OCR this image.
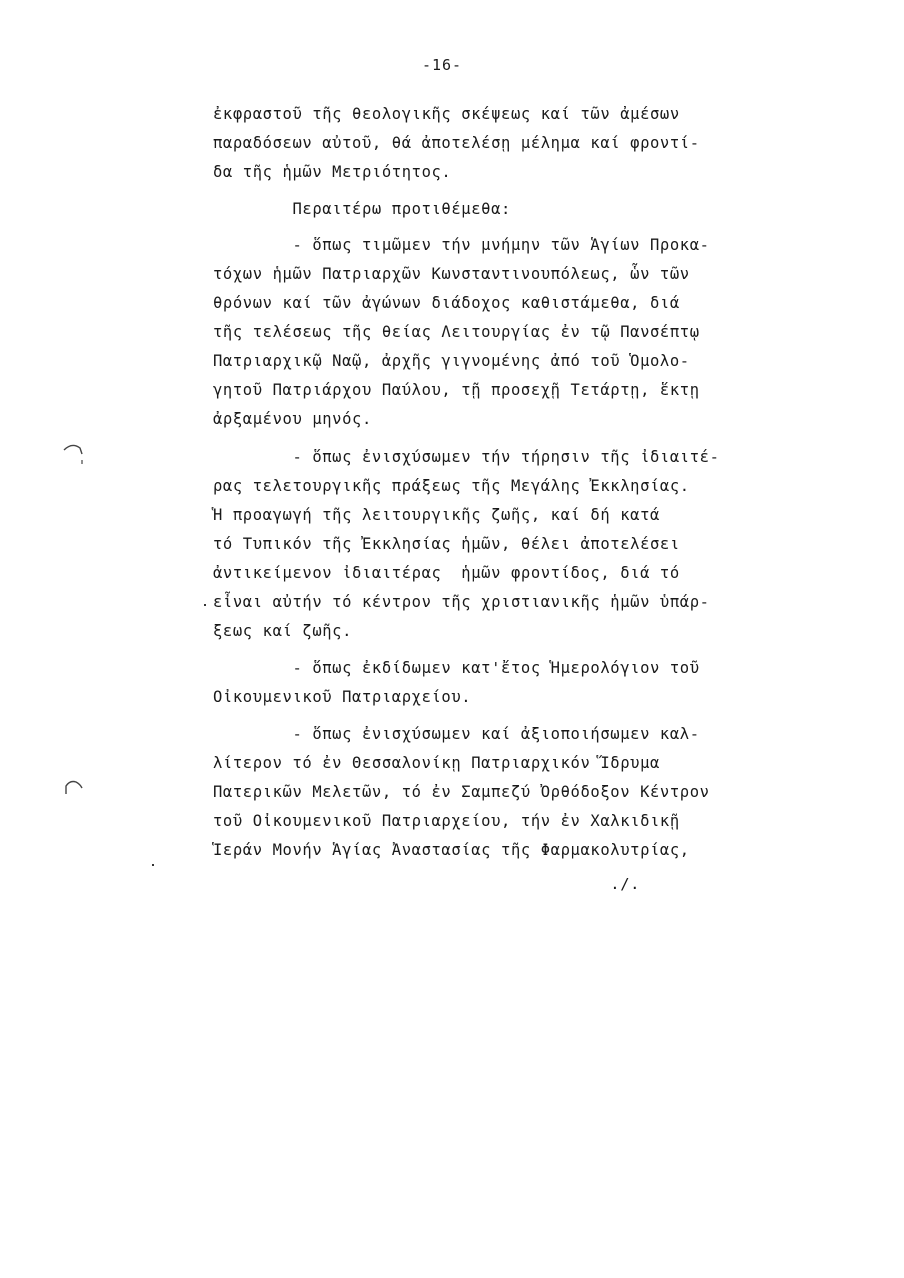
-16-
ἐκφραστοῦ τῆς θεολογικῆς σκέψεως καί τῶν ἀμέσων
παραδόσεων αὐτοῦ, θά ἀποτελέσῃ μέλημα καί φροντί-
δα τῆς ἡμῶν Μετριότητος.
Περαιτέρω προτιθέμεθα:
- ὅπως τιμῶμεν τήν μνήμην τῶν Ἁγίων Προκα-
τόχων ἡμῶν Πατριαρχῶν Κωνσταντινουπόλεως, ὧν τῶν
θρόνων καί τῶν ἀγώνων διάδοχος καθιστάμεθα, διά
τῆς τελέσεως τῆς θείας Λειτουργίας ἐν τῷ Πανσέπτῳ
Πατριαρχικῷ Ναῷ, ἀρχῆς γιγνομένης ἀπό τοῦ Ὁμολο-
γητοῦ Πατριάρχου Παύλου, τῇ προσεχῇ Τετάρτῃ, ἕκτῃ
ἀρξαμένου μηνός.
- ὅπως ἐνισχύσωμεν τήν τήρησιν τῆς ἰδιαιτέ-
ρας τελετουργικῆς πράξεως τῆς Μεγάλης Ἐκκλησίας.
Ἡ προαγωγή τῆς λειτουργικῆς ζωῆς, καί δή κατά
τό Τυπικόν τῆς Ἐκκλησίας ἡμῶν, θέλει ἀποτελέσει
ἀντικείμενον ἰδιαιτέρας  ἡμῶν φροντίδος, διά τό
εἶναι αὐτήν τό κέντρον τῆς χριστιανικῆς ἡμῶν ὑπάρ-
ξεως καί ζωῆς.
- ὅπως ἐκδίδωμεν κατ'ἔτος Ἡμερολόγιον τοῦ
Οἰκουμενικοῦ Πατριαρχείου.
- ὅπως ἐνισχύσωμεν καί ἀξιοποιήσωμεν καλ-
λίτερον τό ἐν Θεσσαλονίκῃ Πατριαρχικόν Ἵδρυμα
Πατερικῶν Μελετῶν, τό ἐν Σαμπεζύ Ὀρθόδοξον Κέντρον
τοῦ Οἰκουμενικοῦ Πατριαρχείου, τήν ἐν Χαλκιδικῇ
Ἱεράν Μονήν Ἁγίας Ἀναστασίας τῆς Φαρμακολυτρίας,
./.
